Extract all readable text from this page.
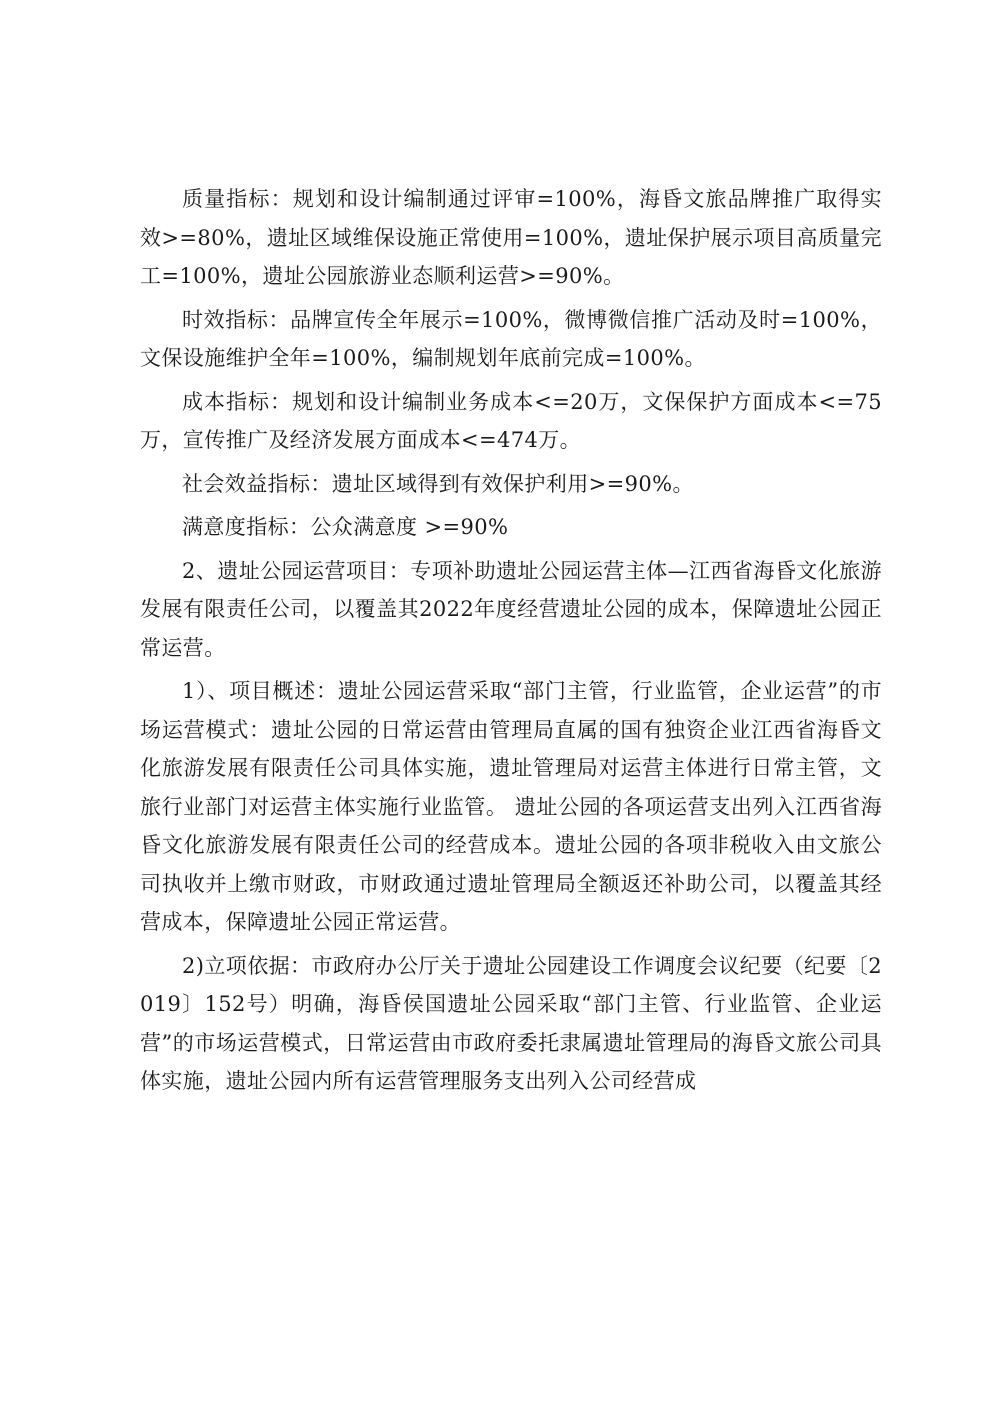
质量指标：规划和设计编制通过评审=100%，海昏文旅品牌推广取得实效>=80%，遗址区域维保设施正常使用=100%，遗址保护展示项目高质量完工=100%，遗址公园旅游业态顺利运营>=90%。

时效指标：品牌宣传全年展示=100%，微博微信推广活动及时=100%，文保设施维护全年=100%，编制规划年底前完成=100%。

成本指标：规划和设计编制业务成本<=20万，文保保护方面成本<=75万，宣传推广及经济发展方面成本<=474万。

社会效益指标：遗址区域得到有效保护利用>=90%。

满意度指标：公众满意度 >=90%

2、遗址公园运营项目：专项补助遗址公园运营主体—江西省海昏文化旅游发展有限责任公司，以覆盖其2022年度经营遗址公园的成本，保障遗址公园正常运营。

1）、项目概述：遗址公园运营采取“部门主管，行业监管，企业运营”的市场运营模式：遗址公园的日常运营由管理局直属的国有独资企业江西省海昏文化旅游发展有限责任公司具体实施，遗址管理局对运营主体进行日常主管，文旅行业部门对运营主体实施行业监管。 遗址公园的各项运营支出列入江西省海昏文化旅游发展有限责任公司的经营成本。遗址公园的各项非税收入由文旅公司执收并上缴市财政，市财政通过遗址管理局全额返还补助公司，以覆盖其经营成本，保障遗址公园正常运营。

2)立项依据：市政府办公厅关于遗址公园建设工作调度会议纪要（纪要〔2019〕152号）明确，海昏侯国遗址公园采取“部门主管、行业监管、企业运营”的市场运营模式，日常运营由市政府委托隶属遗址管理局的海昏文旅公司具体实施，遗址公园内所有运营管理服务支出列入公司经营成
